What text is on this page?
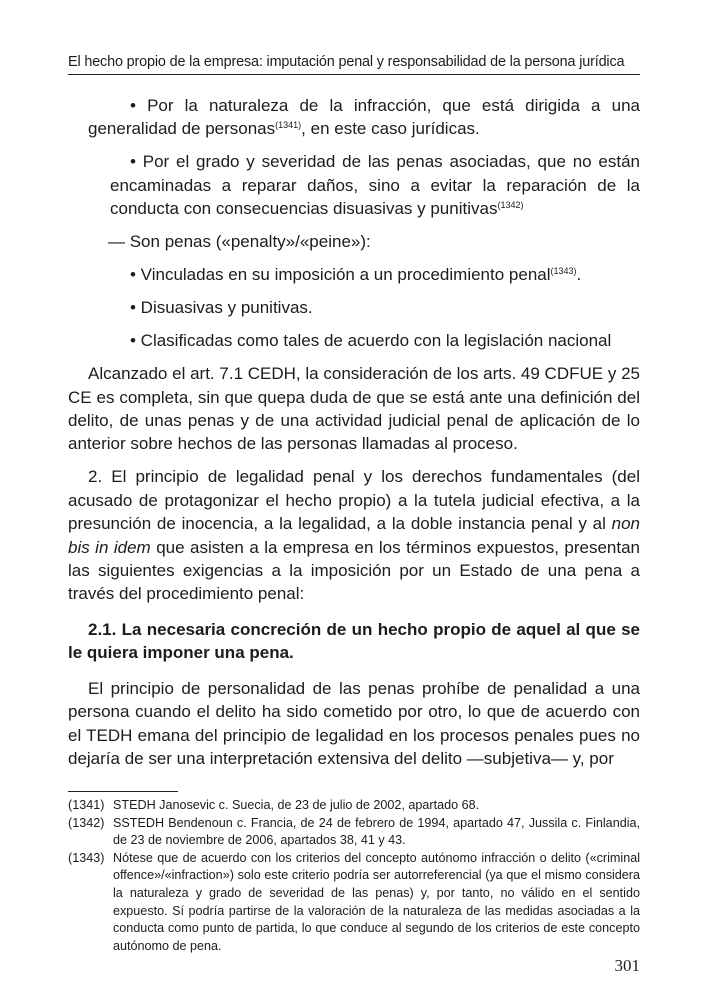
El hecho propio de la empresa: imputación penal y responsabilidad de la persona jurídica

• Por la naturaleza de la infracción, que está dirigida a una generalidad de personas$^{(1341)}$, en este caso jurídicas.

• Por el grado y severidad de las penas asociadas, que no están encaminadas a reparar daños, sino a evitar la reparación de la conducta con consecuencias disuasivas y punitivas$^{(1342)}$

— Son penas («penalty»/«peine»):

• Vinculadas en su imposición a un procedimiento penal$^{(1343)}$.

• Disuasivas y punitivas.

• Clasificadas como tales de acuerdo con la legislación nacional

Alcanzado el art. 7.1 CEDH, la consideración de los arts. 49 CDFUE y 25 CE es completa, sin que quepa duda de que se está ante una definición del delito, de unas penas y de una actividad judicial penal de aplicación de lo anterior sobre hechos de las personas llamadas al proceso.

2. El principio de legalidad penal y los derechos fundamentales (del acusado de protagonizar el hecho propio) a la tutela judicial efectiva, a la presunción de inocencia, a la legalidad, a la doble instancia penal y al non bis in idem que asisten a la empresa en los términos expuestos, presentan las siguientes exigencias a la imposición por un Estado de una pena a través del procedimiento penal:

2.1. La necesaria concreción de un hecho propio de aquel al que se le quiera imponer una pena.

El principio de personalidad de las penas prohíbe de penalidad a una persona cuando el delito ha sido cometido por otro, lo que de acuerdo con el TEDH emana del principio de legalidad en los procesos penales pues no dejaría de ser una interpretación extensiva del delito —subjetiva— y, por

(1341) STEDH Janosevic c. Suecia, de 23 de julio de 2002, apartado 68.
(1342) SSTEDH Bendenoun c. Francia, de 24 de febrero de 1994, apartado 47, Jussila c. Finlandia, de 23 de noviembre de 2006, apartados 38, 41 y 43.
(1343) Nótese que de acuerdo con los criterios del concepto autónomo infracción o delito («criminal offence»/«infraction») solo este criterio podría ser autorreferencial (ya que el mismo considera la naturaleza y grado de severidad de las penas) y, por tanto, no válido en el sentido expuesto. Sí podría partirse de la valoración de la naturaleza de las medidas asociadas a la conducta como punto de partida, lo que conduce al segundo de los criterios de este concepto autónomo de pena.
301
